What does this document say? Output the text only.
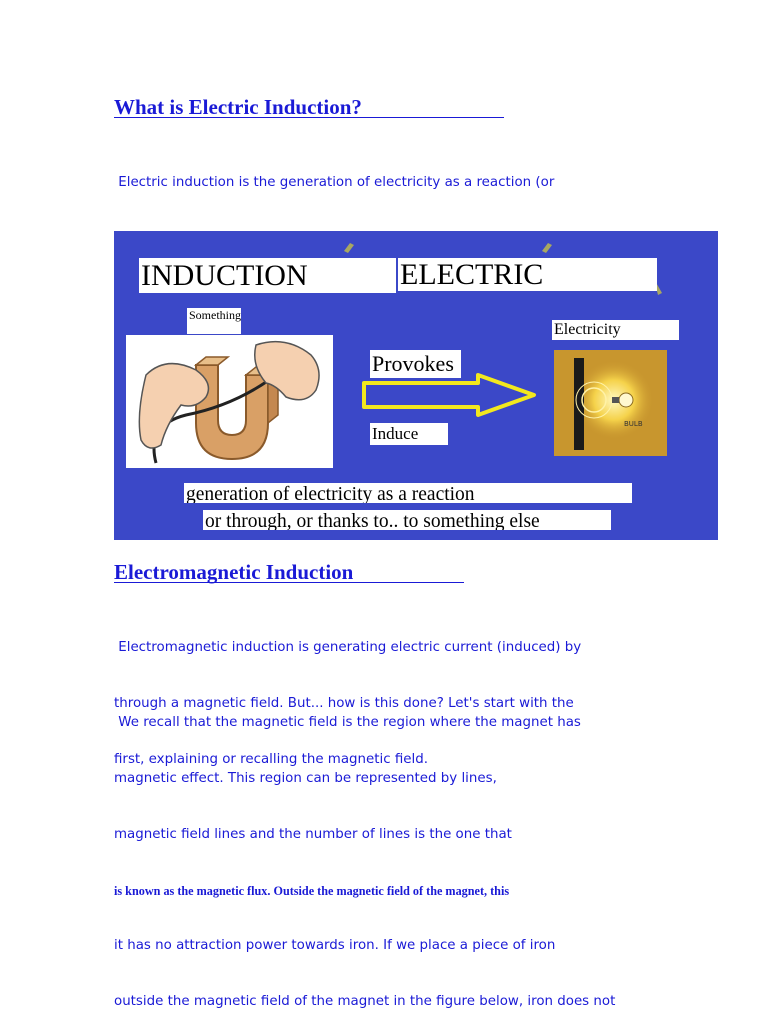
What is Electric Induction?

Electric induction is the generation of electricity as a reaction (or

INDUCTION	ELECTRIC
Something
Provokes
Induce
Electricity
BULB
generation of electricity as a reaction
or through, or thanks to.. to something else
Electromagnetic Induction

Electromagnetic induction is generating electric current (induced) by

through a magnetic field. But... how is this done? Let's start with the

first, explaining or recalling the magnetic field.

We recall that the magnetic field is the region where the magnet has

magnetic effect. This region can be represented by lines,

magnetic field lines and the number of lines is the one that

is known as the magnetic flux. Outside the magnetic field of the magnet, this

it has no attraction power towards iron. If we place a piece of iron

outside the magnetic field of the magnet in the figure below, iron does not
